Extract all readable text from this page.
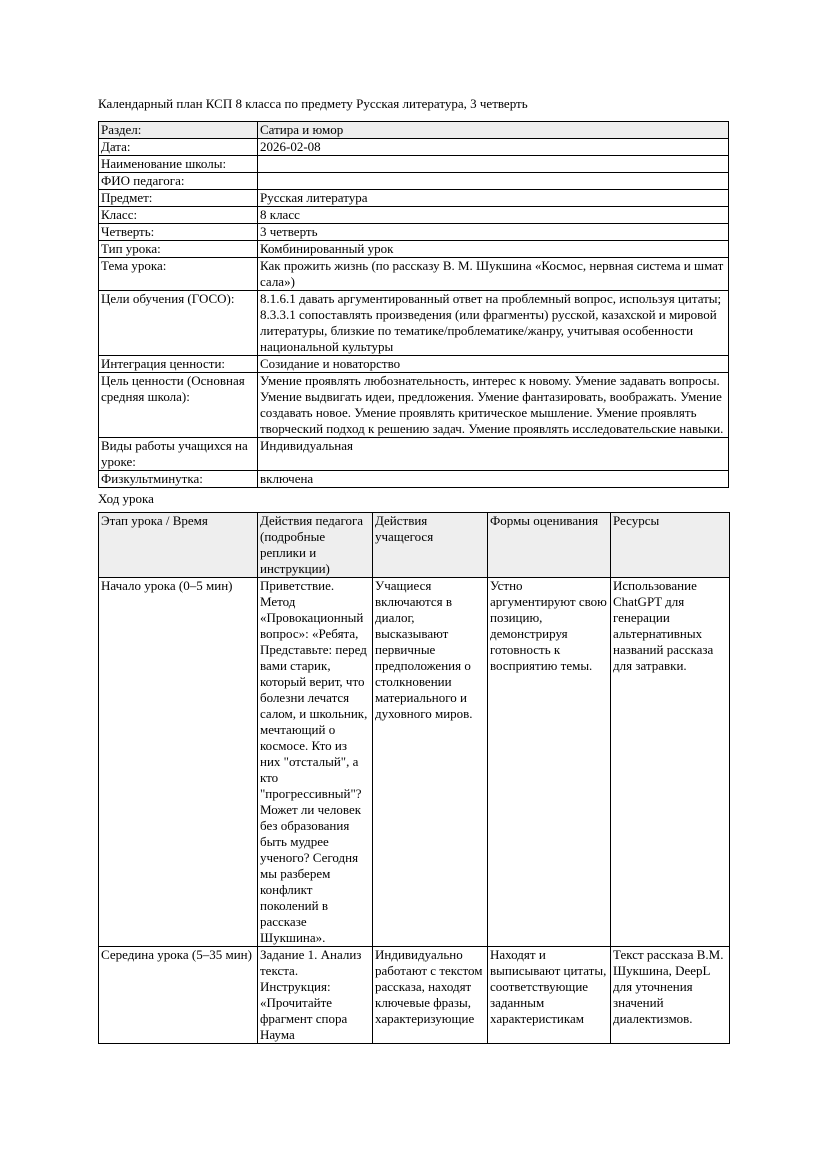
Календарный план КСП 8 класса по предмету Русская литература, 3 четверть
Раздел:	Сатира и юмор
Дата:	2026-02-08
Наименование школы:	
ФИО педагога:	
Предмет:	Русская литература
Класс:	8 класс
Четверть:	3 четверть
Тип урока:	Комбинированный урок
Тема урока:	Как прожить жизнь (по рассказу В. М. Шукшина «Космос, нервная система и шмат сала»)
Цели обучения (ГОСО):	8.1.6.1 давать аргументированный ответ на проблемный вопрос, используя цитаты; 8.3.3.1 сопоставлять произведения (или фрагменты) русской, казахской и мировой литературы, близкие по тематике/проблематике/жанру, учитывая особенности национальной культуры
Интеграция ценности:	Созидание и новаторство
Цель ценности (Основная средняя школа):	Умение проявлять любознательность, интерес к новому. Умение задавать вопросы. Умение выдвигать идеи, предложения. Умение фантазировать, воображать. Умение создавать новое. Умение проявлять критическое мышление. Умение проявлять творческий подход к решению задач. Умение проявлять исследовательские навыки.
Виды работы учащихся на уроке:	Индивидуальная
Физкультминутка:	включена
Ход урока
Этап урока / Время	Действия педагога (подробные реплики и инструкции)	Действия учащегося	Формы оценивания	Ресурсы
Начало урока (0–5 мин)	Приветствие. Метод «Провокационный вопрос»: «Ребята, Представьте: перед вами старик, который верит, что болезни лечатся салом, и школьник, мечтающий о космосе. Кто из них "отсталый", а кто "прогрессивный"? Может ли человек без образования быть мудрее ученого? Сегодня мы разберем конфликт поколений в рассказе Шукшина».	Учащиеся включаются в диалог, высказывают первичные предположения о столкновении материального и духовного миров.	Устно аргументируют свою позицию, демонстрируя готовность к восприятию темы.	Использование ChatGPT для генерации альтернативных названий рассказа для затравки.
Середина урока (5–35 мин)	Задание 1. Анализ текста. Инструкция: «Прочитайте фрагмент спора Наума	Индивидуально работают с текстом рассказа, находят ключевые фразы, характеризующие	Находят и выписывают цитаты, соответствующие заданным характеристикам	Текст рассказа В.М. Шукшина, DeepL для уточнения значений диалектизмов.
